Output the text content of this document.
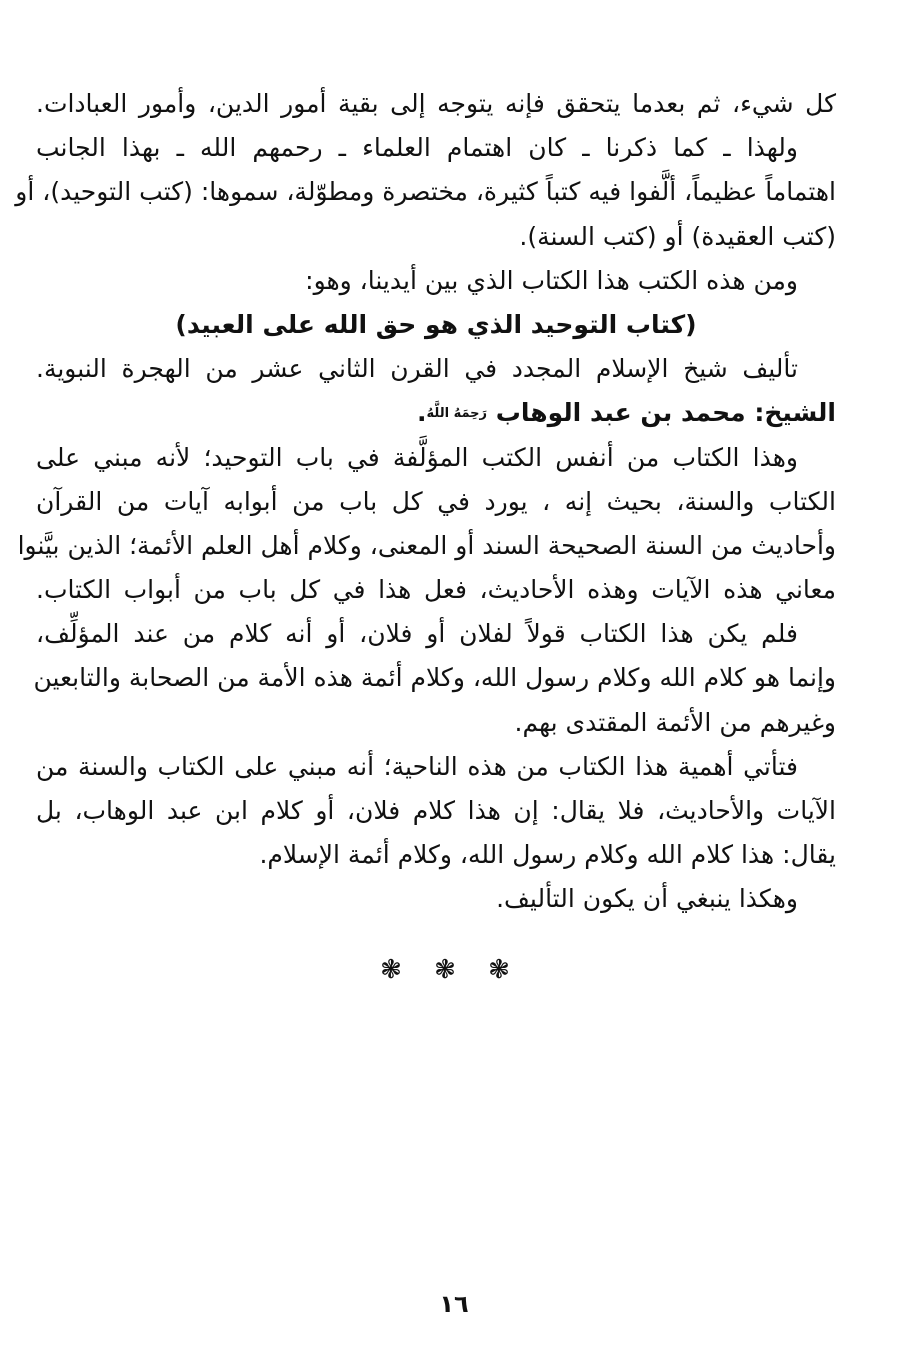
كل شيء، ثم بعدما يتحقق فإنه يتوجه إلى بقية أمور الدين، وأمور العبادات.
ولهذا ـ كما ذكرنا ـ كان اهتمام العلماء ـ رحمهم الله ـ بهذا الجانب
اهتماماً عظيماً، ألَّفوا فيه كتباً كثيرة، مختصرة ومطوّلة، سموها: (كتب التوحيد)، أو
(كتب العقيدة) أو (كتب السنة).
ومن هذه الكتب هذا الكتاب الذي بين أيدينا، وهو:
(كتاب التوحيد الذي هو حق الله على العبيد)
تأليف شيخ الإسلام المجدد في القرن الثاني عشر من الهجرة النبوية.
الشيخ: محمد بن عبد الوهاب رَحِمَهُ اللَّهُ.
وهذا الكتاب من أنفس الكتب المؤلَّفة في باب التوحيد؛ لأنه مبني على
الكتاب والسنة، بحيث إنه ، يورد في كل باب من أبوابه آيات من القرآن
وأحاديث من السنة الصحيحة السند أو المعنى، وكلام أهل العلم الأئمة؛ الذين بيَّنوا
معاني هذه الآيات وهذه الأحاديث، فعل هذا في كل باب من أبواب الكتاب.
فلم يكن هذا الكتاب قولاً لفلان أو فلان، أو أنه كلام من عند المؤلِّف،
وإنما هو كلام الله وكلام رسول الله، وكلام أئمة هذه الأمة من الصحابة والتابعين
وغيرهم من الأئمة المقتدى بهم.
فتأتي أهمية هذا الكتاب من هذه الناحية؛ أنه مبني على الكتاب والسنة من
الآيات والأحاديث، فلا يقال: إن هذا كلام فلان، أو كلام ابن عبد الوهاب، بل
يقال: هذا كلام الله وكلام رسول الله، وكلام أئمة الإسلام.
وهكذا ينبغي أن يكون التأليف.
❃ ❃ ❃
١٦
